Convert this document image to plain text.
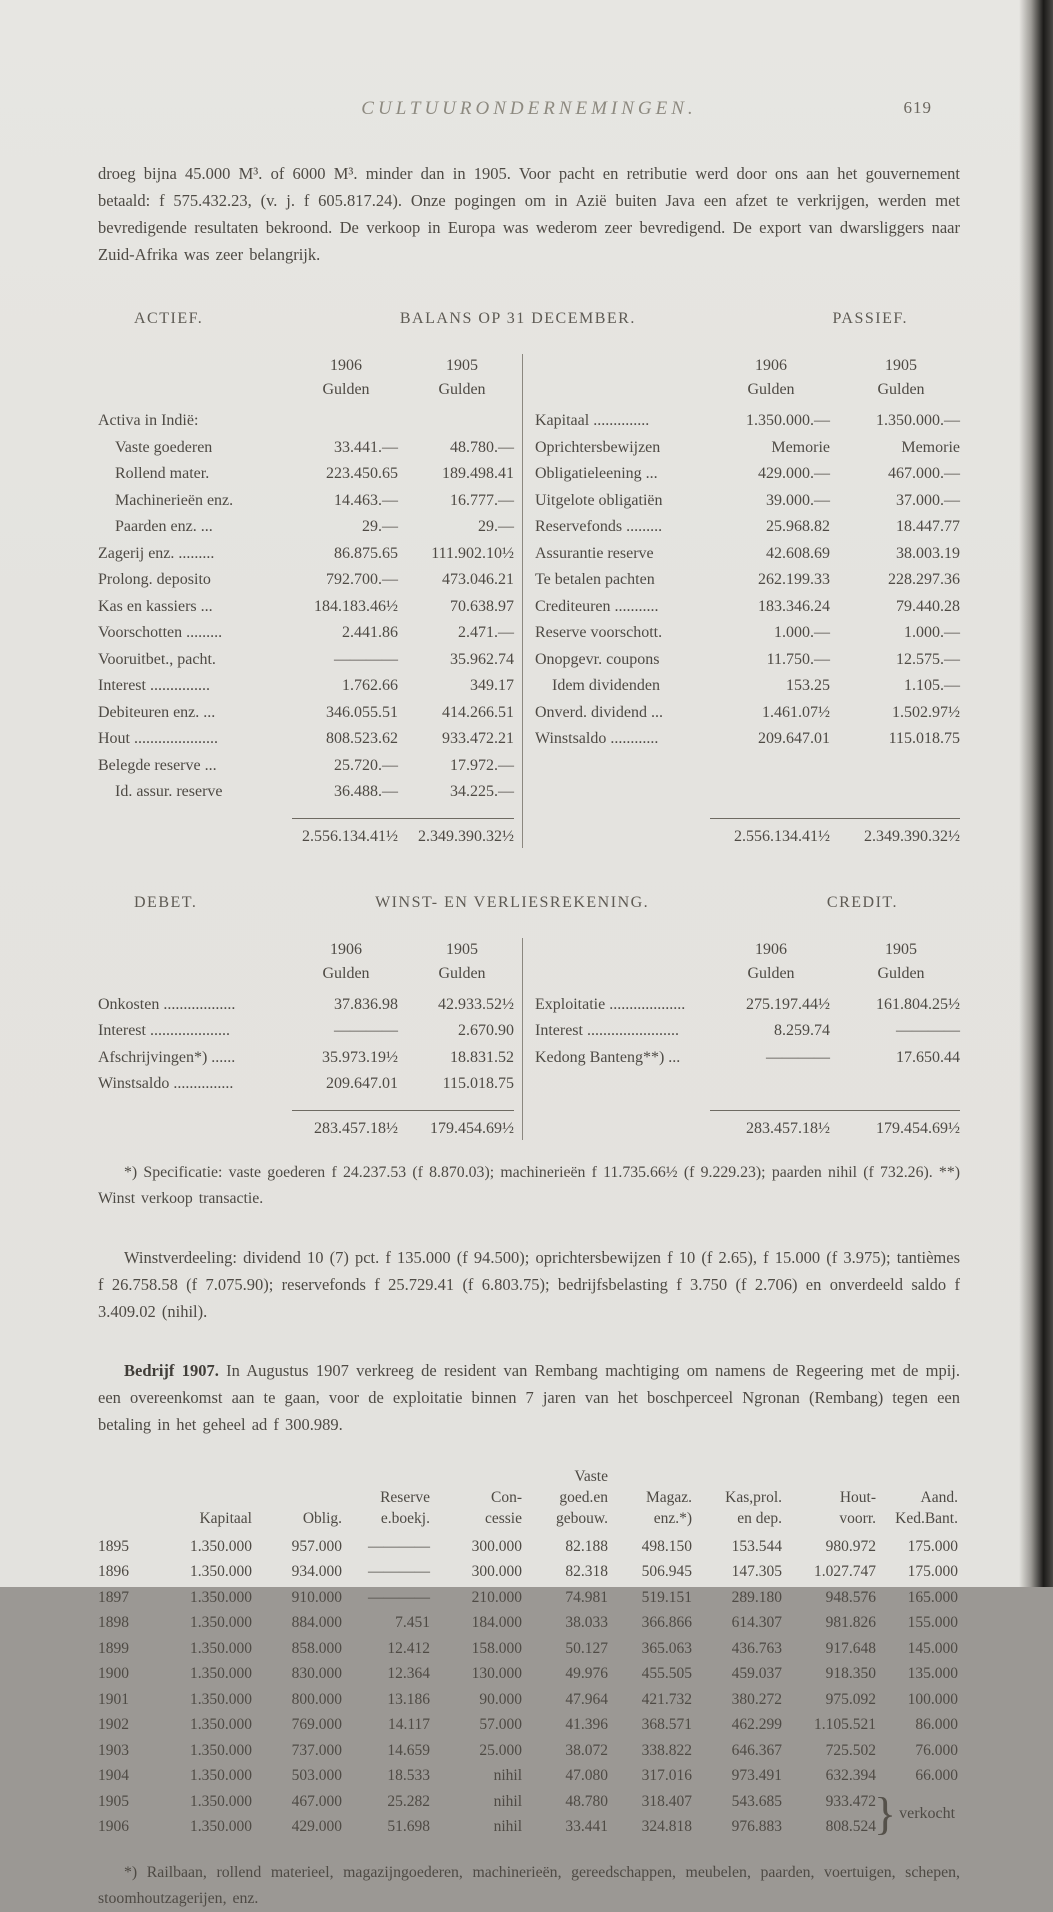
CULTUURONDERNEMINGEN.	619

droeg bijna 45.000 M³. of 6000 M³. minder dan in 1905. Voor pacht en retributie werd door ons aan het gouvernement betaald: f 575.432.23, (v. j. f 605.817.24). Onze pogingen om in Azië buiten Java een afzet te verkrijgen, werden met bevredigende resultaten bekroond. De verkoop in Europa was wederom zeer bevredigend. De export van dwarsliggers naar Zuid-Afrika was zeer belangrijk.

ACTIEF.	BALANS OP 31 DECEMBER.	PASSIEF.
1906
Gulden
1905
Gulden
Activa in Indië:
Vaste goederen	33.441.—	48.780.—
Rollend mater.	223.450.65	189.498.41
Machinerieën enz.	14.463.—	16.777.—
Paarden enz. ...	29.—	29.—
Zagerij enz. .........	86.875.65	111.902.10½
Prolong. deposito	792.700.—	473.046.21
Kas en kassiers ...	184.183.46½	70.638.97
Voorschotten .........	2.441.86	2.471.—
Vooruitbet., pacht.	————	35.962.74
Interest ...............	1.762.66	349.17
Debiteuren enz. ...	346.055.51	414.266.51
Hout .....................	808.523.62	933.472.21
Belegde reserve ...	25.720.—	17.972.—
Id. assur. reserve	36.488.—	34.225.—
2.556.134.41½	2.349.390.32½
1906
Gulden
1905
Gulden
Kapitaal ..............	1.350.000.—	1.350.000.—
Oprichtersbewijzen	Memorie	Memorie
Obligatieleening ...	429.000.—	467.000.—
Uitgelote obligatiën	39.000.—	37.000.—
Reservefonds .........	25.968.82	18.447.77
Assurantie reserve	42.608.69	38.003.19
Te betalen pachten	262.199.33	228.297.36
Crediteuren ...........	183.346.24	79.440.28
Reserve voorschott.	1.000.—	1.000.—
Onopgevr. coupons	11.750.—	12.575.—
Idem dividenden	153.25	1.105.—
Onverd. dividend ...	1.461.07½	1.502.97½
Winstsaldo ............	209.647.01	115.018.75
2.556.134.41½	2.349.390.32½
DEBET.	WINST- EN VERLIESREKENING.	CREDIT.
1906
Gulden
1905
Gulden
Onkosten ..................	37.836.98	42.933.52½
Interest ....................	————	2.670.90
Afschrijvingen*) ......	35.973.19½	18.831.52
Winstsaldo ...............	209.647.01	115.018.75
283.457.18½	179.454.69½
1906
Gulden
1905
Gulden
Exploitatie ...................	275.197.44½	161.804.25½
Interest .......................	8.259.74	————
Kedong Banteng**) ...	————	17.650.44
283.457.18½	179.454.69½

*) Specificatie: vaste goederen f 24.237.53 (f 8.870.03); machinerieën f 11.735.66½ (f 9.229.23); paarden nihil (f 732.26). **) Winst verkoop transactie.

Winstverdeeling: dividend 10 (7) pct. f 135.000 (f 94.500); oprichtersbewijzen f 10 (f 2.65), f 15.000 (f 3.975); tantièmes f 26.758.58 (f 7.075.90); reservefonds f 25.729.41 (f 6.803.75); bedrijfsbelasting f 3.750 (f 2.706) en onverdeeld saldo f 3.409.02 (nihil).

Bedrijf 1907. In Augustus 1907 verkreeg de resident van Rembang machtiging om namens de Regeering met de mpij. een overeenkomst aan te gaan, voor de exploitatie binnen 7 jaren van het boschperceel Ngronan (Rembang) tegen een betaling in het geheel ad f 300.989.

Kapitaal	Oblig.
Reserve
e.boekj.
Con-
cessie
Vaste
goed.en
gebouw.
Magaz.
enz.*)
Kas,prol.
en dep.
Hout-
voorr.
Aand.
Ked.Bant.
1895	1.350.000	957.000	————	300.000	82.188	498.150	153.544	980.972	175.000
1896	1.350.000	934.000	————	300.000	82.318	506.945	147.305	1.027.747	175.000
1897	1.350.000	910.000	————	210.000	74.981	519.151	289.180	948.576	165.000
1898	1.350.000	884.000	7.451	184.000	38.033	366.866	614.307	981.826	155.000
1899	1.350.000	858.000	12.412	158.000	50.127	365.063	436.763	917.648	145.000
1900	1.350.000	830.000	12.364	130.000	49.976	455.505	459.037	918.350	135.000
1901	1.350.000	800.000	13.186	90.000	47.964	421.732	380.272	975.092	100.000
1902	1.350.000	769.000	14.117	57.000	41.396	368.571	462.299	1.105.521	86.000
1903	1.350.000	737.000	14.659	25.000	38.072	338.822	646.367	725.502	76.000
1904	1.350.000	503.000	18.533	nihil	47.080	317.016	973.491	632.394	66.000
1905	1.350.000	467.000	25.282	nihil	48.780	318.407	543.685	933.472
1906	1.350.000	429.000	51.698	nihil	33.441	324.818	976.883	808.524
} verkocht

*) Railbaan, rollend materieel, magazijngoederen, machinerieën, gereedschappen, meubelen, paarden, voertuigen, schepen, stoomhoutzagerijen, enz.
